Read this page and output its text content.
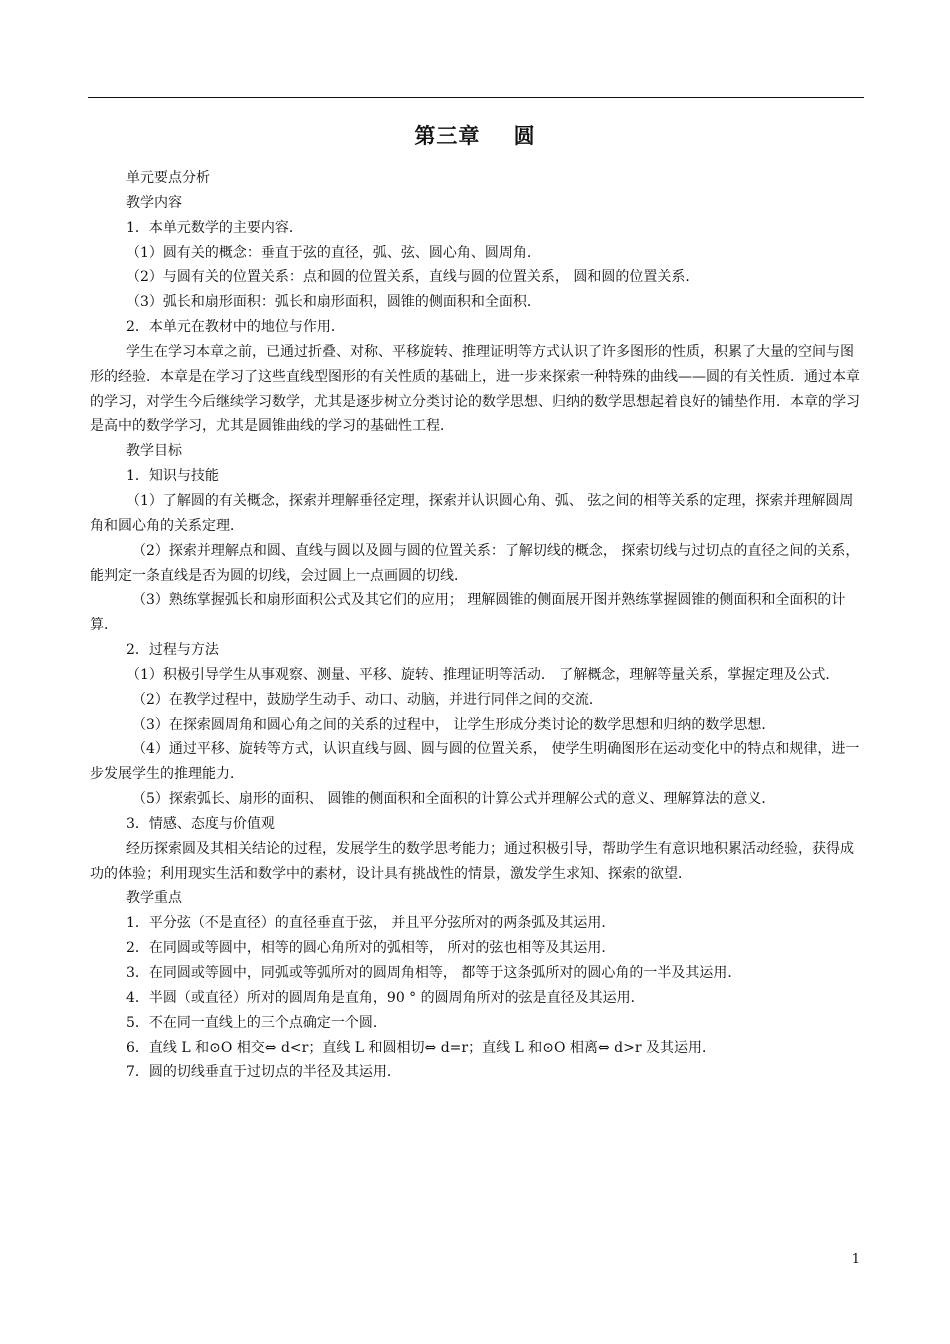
第三章    圆

单元要点分析

教学内容

1．本单元数学的主要内容．

（1）圆有关的概念：垂直于弦的直径，弧、弦、圆心角、圆周角．

（2）与圆有关的位置关系：点和圆的位置关系，直线与圆的位置关系， 圆和圆的位置关系．

（3）弧长和扇形面积：弧长和扇形面积，圆锥的侧面积和全面积．

2．本单元在教材中的地位与作用．

学生在学习本章之前，已通过折叠、对称、平移旋转、推理证明等方式认识了许多图形的性质，积累了大量的空间与图形的经验．本章是在学习了这些直线型图形的有关性质的基础上，进一步来探索一种特殊的曲线——圆的有关性质．通过本章的学习，对学生今后继续学习数学，尤其是逐步树立分类讨论的数学思想、归纳的数学思想起着良好的铺垫作用．本章的学习是高中的数学学习，尤其是圆锥曲线的学习的基础性工程．

教学目标

1．知识与技能

（1）了解圆的有关概念，探索并理解垂径定理，探索并认识圆心角、弧、 弦之间的相等关系的定理，探索并理解圆周角和圆心角的关系定理．

（2）探索并理解点和圆、直线与圆以及圆与圆的位置关系：了解切线的概念， 探索切线与过切点的直径之间的关系，能判定一条直线是否为圆的切线，会过圆上一点画圆的切线．

（3）熟练掌握弧长和扇形面积公式及其它们的应用； 理解圆锥的侧面展开图并熟练掌握圆锥的侧面积和全面积的计算．

2．过程与方法

（1）积极引导学生从事观察、测量、平移、旋转、推理证明等活动． 了解概念，理解等量关系，掌握定理及公式．

（2）在教学过程中，鼓励学生动手、动口、动脑，并进行同伴之间的交流．

（3）在探索圆周角和圆心角之间的关系的过程中， 让学生形成分类讨论的数学思想和归纳的数学思想．

（4）通过平移、旋转等方式，认识直线与圆、圆与圆的位置关系， 使学生明确图形在运动变化中的特点和规律，进一步发展学生的推理能力．

（5）探索弧长、扇形的面积、 圆锥的侧面积和全面积的计算公式并理解公式的意义、理解算法的意义．

3．情感、态度与价值观

经历探索圆及其相关结论的过程，发展学生的数学思考能力；通过积极引导，帮助学生有意识地积累活动经验，获得成功的体验；利用现实生活和数学中的素材，设计具有挑战性的情景，激发学生求知、探索的欲望．

教学重点

1．平分弦（不是直径）的直径垂直于弦， 并且平分弦所对的两条弧及其运用．

2．在同圆或等圆中，相等的圆心角所对的弧相等， 所对的弦也相等及其运用．

3．在同圆或等圆中，同弧或等弧所对的圆周角相等， 都等于这条弧所对的圆心角的一半及其运用．

4．半圆（或直径）所对的圆周角是直角，90 ° 的圆周角所对的弦是直径及其运用．

5．不在同一直线上的三个点确定一个圆．

6．直线 L 和⊙O 相交⇔ d<r；直线 L 和圆相切⇔ d=r；直线 L 和⊙O 相离⇔ d>r 及其运用．

7．圆的切线垂直于过切点的半径及其运用．

1
